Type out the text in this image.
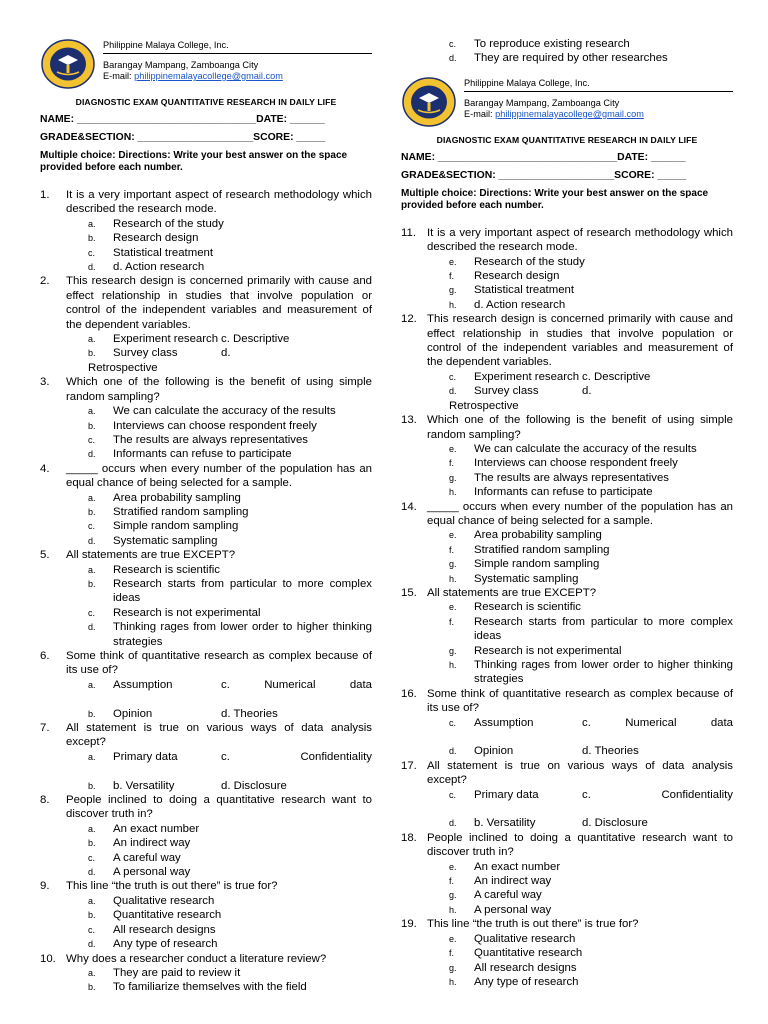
Philippine Malaya College, Inc.
Barangay Mampang, Zamboanga City
E-mail: philippinemalayacollege@gmail.com
DIAGNOSTIC EXAM QUANTITATIVE RESEARCH IN DAILY LIFE
NAME: _______________________________DATE: ______
GRADE&SECTION: ____________________SCORE: _____
Multiple choice: Directions: Write your best answer on the space provided before each number.
1.	It is a very important aspect of research methodology which described the research mode.
a.	Research of the study
b.	Research design
c.	Statistical treatment
d.	d. Action research
2.	This research design is concerned primarily with cause and effect relationship in studies that involve population or control of the independent variables and measurement of the dependent variables.
a.	Experiment research c. Descriptive
b.	Survey class	d.
Retrospective
3.	Which one of the following is the benefit of using simple random sampling?
a.	We can calculate the accuracy of the results
b.	Interviews can choose respondent freely
c.	The results are always representatives
d.	Informants can refuse to participate
4.	_____ occurs when every number of the population has an equal chance of being selected for a sample.
a.	Area probability sampling
b.	Stratified random sampling
c.	Simple random sampling
d.	Systematic sampling
5.	All statements are true EXCEPT?
a.	Research is scientific
b.	Research starts from particular to more complex ideas
c.	Research is not experimental
d.	Thinking rages from lower order to higher thinking strategies
6.	Some think of quantitative research as complex because of its use of?
a.	Assumption	c.	Numerical	data
b.	Opinion	d. Theories
7.	All statement is true on various ways of data analysis except?
a.	Primary data	c.	Confidentiality
b.	b. Versatility	d. Disclosure
8.	People inclined to doing a quantitative research want to discover truth in?
a.	An exact number
b.	An indirect way
c.	A careful way
d.	A personal way
9.	This line “the truth is out there” is true for?
a.	Qualitative research
b.	Quantitative research
c.	All research designs
d.	Any type of research
10. Why does a researcher conduct a literature review?
a.	They are paid to review it
b.	To familiarize themselves with the field
c.	To reproduce existing research
d.	They are required by other researches
Philippine Malaya College, Inc.
Barangay Mampang, Zamboanga City
E-mail: philippinemalayacollege@gmail.com
DIAGNOSTIC EXAM QUANTITATIVE RESEARCH IN DAILY LIFE
NAME: _______________________________DATE: ______
GRADE&SECTION: ____________________SCORE: _____
Multiple choice: Directions: Write your best answer on the space provided before each number.
11. It is a very important aspect of research methodology which described the research mode.
e.	Research of the study
f.	Research design
g.	Statistical treatment
h.	d. Action research
12. This research design is concerned primarily with cause and effect relationship in studies that involve population or control of the independent variables and measurement of the dependent variables.
c.	Experiment research c. Descriptive
d.	Survey class	d.
Retrospective
13. Which one of the following is the benefit of using simple random sampling?
e.	We can calculate the accuracy of the results
f.	Interviews can choose respondent freely
g.	The results are always representatives
h.	Informants can refuse to participate
14. _____ occurs when every number of the population has an equal chance of being selected for a sample.
e.	Area probability sampling
f.	Stratified random sampling
g.	Simple random sampling
h.	Systematic sampling
15. All statements are true EXCEPT?
e.	Research is scientific
f.	Research starts from particular to more complex ideas
g.	Research is not experimental
h.	Thinking rages from lower order to higher thinking strategies
16. Some think of quantitative research as complex because of its use of?
c.	Assumption	c.	Numerical	data
d.	Opinion	d. Theories
17. All statement is true on various ways of data analysis except?
c.	Primary data	c.	Confidentiality
d.	b. Versatility	d. Disclosure
18. People inclined to doing a quantitative research want to discover truth in?
e.	An exact number
f.	An indirect way
g.	A careful way
h.	A personal way
19. This line “the truth is out there” is true for?
e.	Qualitative research
f.	Quantitative research
g.	All research designs
h.	Any type of research
